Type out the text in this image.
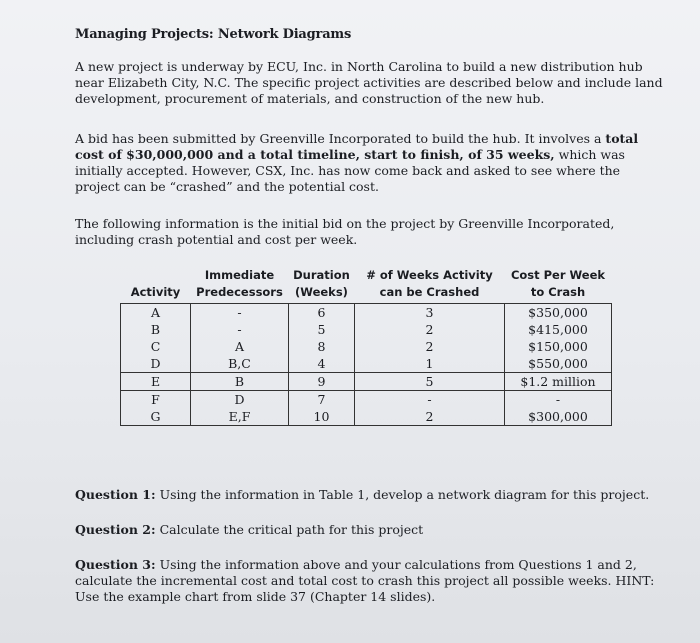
Managing Projects: Network Diagrams
A new project is underway by ECU, Inc. in North Carolina to build a new distribution hub near Elizabeth City, N.C. The specific project activities are described below and include land development, procurement of materials, and construction of the new hub.
A bid has been submitted by Greenville Incorporated to build the hub. It involves a total cost of $30,000,000 and a total timeline, start to finish, of 35 weeks, which was initially accepted. However, CSX, Inc. has now come back and asked to see where the project can be “crashed” and the potential cost.
The following information is the initial bid on the project by Greenville Incorporated, including crash potential and cost per week.
Activity	Immediate Predecessors	Duration (Weeks)	# of Weeks Activity can be Crashed	Cost Per Week to Crash
A	-	6	3	$350,000
B	-	5	2	$415,000
C	A	8	2	$150,000
D	B,C	4	1	$550,000
E	B	9	5	$1.2 million
F	D	7	-	-
G	E,F	10	2	$300,000
Question 1: Using the information in Table 1, develop a network diagram for this project.
Question 2: Calculate the critical path for this project
Question 3: Using the information above and your calculations from Questions 1 and 2, calculate the incremental cost and total cost to crash this project all possible weeks. HINT: Use the example chart from slide 37 (Chapter 14 slides).
